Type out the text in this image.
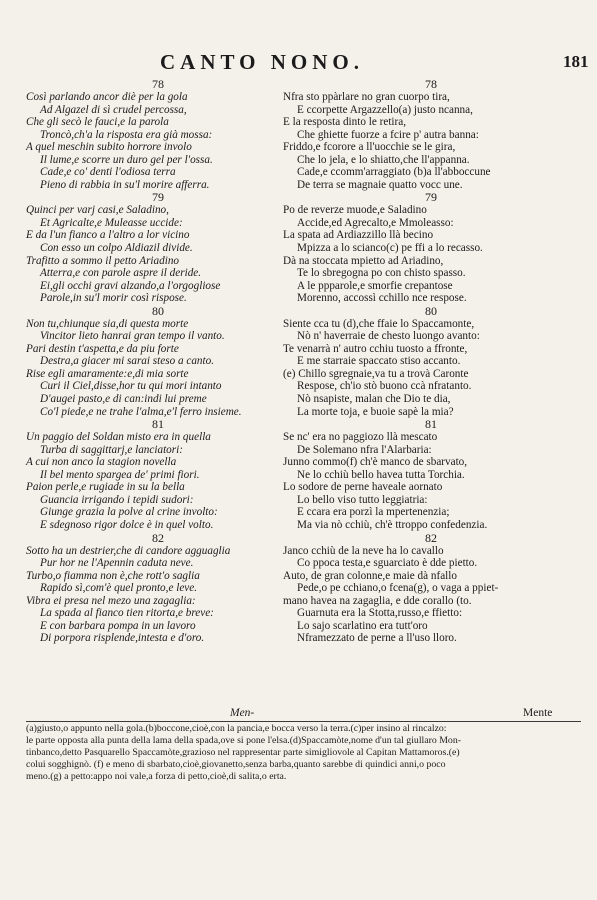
CANTO NONO.	181
78
Così parlando ancor diè per la gola
Ad Algazel di sì crudel percossa,
Che gli secò le fauci,e la parola
Troncò,ch'a la risposta era già mossa:
A quel meschin subito horrore involo
Il lume,e scorre un duro gel per l'ossa.
Cade,e co' denti l'odiosa terra
Pieno di rabbia in su'l morire afferra.
79
Quinci per varj casi,e Saladino,
Et Agricalte,e Muleasse uccide:
E da l'un fianco a l'altro a lor vicino
Con esso un colpo Aldiazil divide.
Trafitto a sommo il petto Ariadino
Atterra,e con parole aspre il deride.
Ei,gli occhi gravi alzando,a l'orgogliose
Parole,in su'l morir così rispose.
80
Non tu,chiunque sia,di questa morte
Vincitor lieto hanrai gran tempo il vanto.
Pari destin t'aspetta,e da piu forte
Destra,a giacer mi sarai steso a canto.
Rise egli amaramente:e,di mia sorte
Curi il Ciel,disse,hor tu qui mori intanto
D'augei pasto,e di can:indi lui preme
Co'l piede,e ne trahe l'alma,e'l ferro insieme.
81
Un paggio del Soldan misto era in quella
Turba di saggittarj,e lanciatori:
A cui non anco la stagion novella
Il bel mento spargea de' primi fiori.
Paion perle,e rugiade in su la bella
Guancia irrigando i tepidi sudori:
Giunge grazia la polve al crine involto:
E sdegnoso rigor dolce è in quel volto.
82
Sotto ha un destrier,che di candore agguaglia
Pur hor ne l'Apennin caduta neve.
Turbo,o fiamma non è,che rott'o saglia
Rapido sì,com'è quel pronto,e leve.
Vibra ei presa nel mezo una zagaglia:
La spada al fianco tien ritorta,e breve:
E con barbara pompa in un lavoro
Di porpora risplende,intesta e d'oro.
78
Nfra sto ppàrlare no gran cuorpo tira,
E ccorpette Argazzello(a) justo ncanna,
E la resposta dinto le retira,
Che ghiette fuorze a fcire p' autra banna:
Friddo,e fcorore a ll'uocchie se le gira,
Che lo jela, e lo shiatto,che ll'appanna.
Cade,e ccomm'arraggiato (b)a ll'abboccune
De terra se magnaie quatto vocc une.
79
Po de reverze muode,e Saladino
Accide,ed Agrecalto,e Mmoleasso:
La spata ad Ardiazzillo llà becino
Mpizza a lo scianco(c) pe ffi a lo recasso.
Dà na stoccata mpietto ad Ariadino,
Te lo sbregogna po con chisto spasso.
A le ppparole,e smorfie crepantose
Morenno, accossì cchillo nce respose.
80
Siente cca tu (d),che ffaie lo Spaccamonte,
Nò n' haverraie de chesto luongo avanto:
Te venarrà n' autro cchiu tuosto a ffronte,
E me starraie spaccato stiso accanto.
(e) Chillo sgregnaie,va tu a trovà Caronte
Respose, ch'io stò buono ccà nfratanto.
Nò nsapiste, malan che Dio te dia,
La morte toja, e buoie sapè la mia?
81
Se nc' era no paggiozo llà mescato
De Solemano nfra l'Alarbaria:
Junno commo(f) ch'è manco de sbarvato,
Ne lo cchiù bello havea tutta Torchia.
Lo sodore de perne haveale aornato
Lo bello viso tutto leggiatria:
E ccara era porzì la mpertenenzia;
Ma via nò cchiù, ch'è ttroppo confedenzia.
82
Janco cchiù de la neve ha lo cavallo
Co ppoca testa,e sguarciato è dde pietto.
Auto, de gran colonne,e maie dà nfallo
Pede,o pe cchiano,o fcena(g), o vaga a ppiet-
mano havea na zagaglia, e dde corallo (to.
Guarnuta era la Stotta,russo,e ffietto:
Lo sajo scarlatino era tutt'oro
Nframezzato de perne a ll'uso lloro.
Men-	Mente
(a)giusto,o appunto nella gola.(b)boccone,cioè,con la pancia,e bocca verso la terra.(c)per insino al rincalzo:
le parte opposta alla punta della lama della spada,ove si pone l'elsa.(d)Spaccamòte,nome d'un tal giullaro Mon-
tinbanco,detto Pasquarello Spaccamòte,grazioso nel rappresentar parte simigliovole al Capitan Mattamoros.(e)
colui sogghignò. (f) e meno di sbarbato,cioè,giovanetto,senza barba,quanto sarebbe di quindici anni,o poco
meno.(g) a petto:appo noi vale,a forza di petto,cioè,di salita,o erta.
